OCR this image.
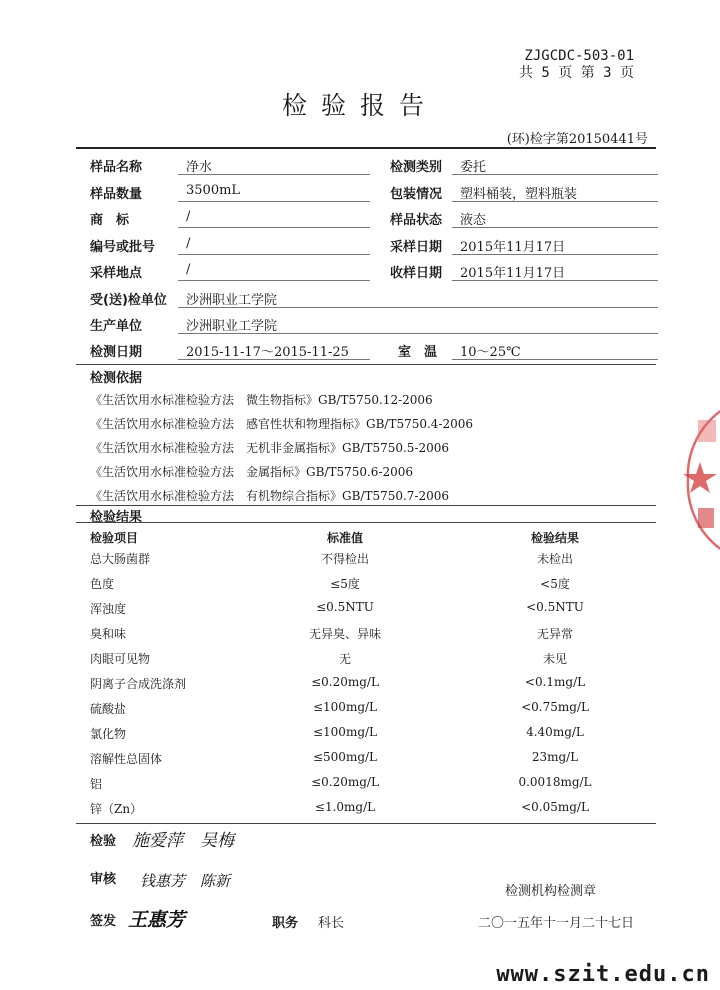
ZJGCDC-503-01
共 5 页 第 3 页
检验报告
(环)检字第20150441号
样品名称	净水	检测类别 委托
样品数量	3500mL	包装情况 塑料桶装，塑料瓶装
商　标	/	样品状态 液态
编号或批号 /	采样日期 2015年11月17日
采样地点	/	收样日期 2015年11月17日
受(送)检单位 沙洲职业工学院
生产单位	沙洲职业工学院
检测日期	2015-11-17～2015-11-25	室　温 10～25℃
检测依据
《生活饮用水标准检验方法　微生物指标》GB/T5750.12-2006
《生活饮用水标准检验方法　感官性状和物理指标》GB/T5750.4-2006
《生活饮用水标准检验方法　无机非金属指标》GB/T5750.5-2006
《生活饮用水标准检验方法　金属指标》GB/T5750.6-2006
《生活饮用水标准检验方法　有机物综合指标》GB/T5750.7-2006
检验结果
检验项目	标准值	检验结果
总大肠菌群	不得检出	未检出
色度	≤5度	<5度
浑浊度	≤0.5NTU	<0.5NTU
臭和味	无异臭、异味	无异常
肉眼可见物	无	未见
阴离子合成洗涤剂	≤0.20mg/L	<0.1mg/L
硫酸盐	≤100mg/L	<0.75mg/L
氯化物	≤100mg/L	4.40mg/L
溶解性总固体	≤500mg/L	23mg/L
铝	≤0.20mg/L	0.0018mg/L
锌（Zn）	≤1.0mg/L	<0.05mg/L
检验 施爱萍　吴梅
审核 钱惠芳　陈新
检测机构检测章
签发 王惠芳	职务 科长	二〇一五年十一月二十七日
www.szit.edu.cn
